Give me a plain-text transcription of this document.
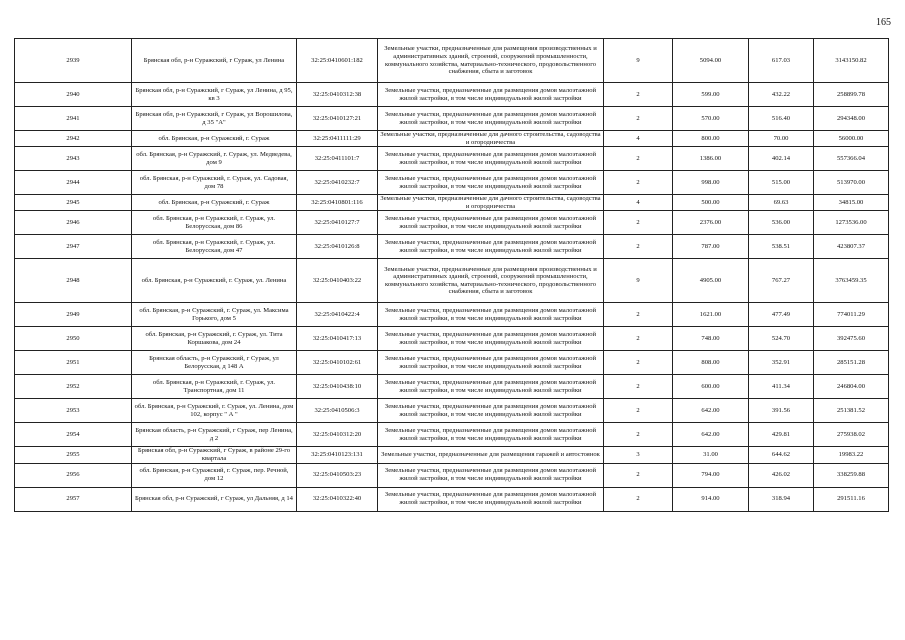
165
2939	Брянская обл, р-н Суражский, г Сураж, ул Ленина	32:25:0410601:182	Земельные участки, предназначенные для размещения производственных и административных зданий, строений, сооружений промышленности, коммунального хозяйства, материально-технического, продовольственного снабжения, сбыта и заготовок	9	5094.00	617.03	3143150.82
2940	Брянская обл, р-н Суражский, г Сураж, ул Ленина, д 95, кв 3	32:25:0410312:38	Земельные участки, предназначенные для размещения домов малоэтажной жилой застройки, в том числе индивидуальной жилой застройки	2	599.00	432.22	258899.78
2941	Брянская обл, р-н Суражский, г Сураж, ул Ворошилова, д 35 "А"	32:25:0410127:21	Земельные участки, предназначенные для размещения домов малоэтажной жилой застройки, в том числе индивидуальной жилой застройки	2	570.00	516.40	294348.00
2942	обл. Брянская, р-н Суражский, г. Сураж	32:25:0411111:29	Земельные участки, предназначенные для дачного строительства, садоводства и огородничества	4	800.00	70.00	56000.00
2943	обл. Брянская, р-н Суражский, г. Сураж, ул. Медведева, дом 9	32:25:0411101:7	Земельные участки, предназначенные для размещения домов малоэтажной жилой застройки, в том числе индивидуальной жилой застройки	2	1386.00	402.14	557366.04
2944	обл. Брянская, р-н Суражский, г. Сураж, ул. Садовая, дом 78	32:25:0410232:7	Земельные участки, предназначенные для размещения домов малоэтажной жилой застройки, в том числе индивидуальной жилой застройки	2	998.00	515.00	513970.00
2945	обл. Брянская, р-н Суражский, г. Сураж	32:25:0410801:116	Земельные участки, предназначенные для дачного строительства, садоводства и огородничества	4	500.00	69.63	34815.00
2946	обл. Брянская, р-н Суражский, г. Сураж, ул. Белорусская, дом 86	32:25:0410127:7	Земельные участки, предназначенные для размещения домов малоэтажной жилой застройки, в том числе индивидуальной жилой застройки	2	2376.00	536.00	1273536.00
2947	обл. Брянская, р-н Суражский, г. Сураж, ул. Белорусская, дом 47	32:25:0410126:8	Земельные участки, предназначенные для размещения домов малоэтажной жилой застройки, в том числе индивидуальной жилой застройки	2	787.00	538.51	423807.37
2948	обл. Брянская, р-н Суражский, г. Сураж, ул. Ленина	32:25:0410403:22	Земельные участки, предназначенные для размещения производственных и административных зданий, строений, сооружений промышленности, коммунального хозяйства, материально-технического, продовольственного снабжения, сбыта и заготовок	9	4905.00	767.27	3763459.35
2949	обл. Брянская, р-н Суражский, г. Сураж, ул. Максима Горького, дом 5	32:25:0410422:4	Земельные участки, предназначенные для размещения домов малоэтажной жилой застройки, в том числе индивидуальной жилой застройки	2	1621.00	477.49	774011.29
2950	обл. Брянская, р-н Суражский, г. Сураж, ул. Тита Коршакова, дом 24	32:25:0410417:13	Земельные участки, предназначенные для размещения домов малоэтажной жилой застройки, в том числе индивидуальной жилой застройки	2	748.00	524.70	392475.60
2951	Брянская область, р-н Суражский, г Сураж, ул Белорусская, д 148 А	32:25:0410102:61	Земельные участки, предназначенные для размещения домов малоэтажной жилой застройки, в том числе индивидуальной жилой застройки	2	808.00	352.91	285151.28
2952	обл. Брянская, р-н Суражский, г. Сураж, ул. Транспортная, дом 11	32:25:0410438:10	Земельные участки, предназначенные для размещения домов малоэтажной жилой застройки, в том числе индивидуальной жилой застройки	2	600.00	411.34	246804.00
2953	обл. Брянская, р-н Суражский, г. Сураж, ул. Ленина, дом 102, корпус " А "	32:25:0410506:3	Земельные участки, предназначенные для размещения домов малоэтажной жилой застройки, в том числе индивидуальной жилой застройки	2	642.00	391.56	251381.52
2954	Брянская область, р-н Суражский, г Сураж, пер Ленина, д 2	32:25:0410312:20	Земельные участки, предназначенные для размещения домов малоэтажной жилой застройки, в том числе индивидуальной жилой застройки	2	642.00	429.81	275938.02
2955	Брянская обл, р-н Суражский, г Сураж, в районе 29-го квартала	32:25:0410123:131	Земельные участки, предназначенные для размещения гаражей и автостоянок	3	31.00	644.62	19983.22
2956	обл. Брянская, р-н Суражский, г. Сураж, пер. Речной, дом 12	32:25:0410503:23	Земельные участки, предназначенные для размещения домов малоэтажной жилой застройки, в том числе индивидуальной жилой застройки	2	794.00	426.02	338259.88
2957	Брянская обл, р-н Суражский, г Сураж, ул Дальняя, д 14	32:25:0410322:40	Земельные участки, предназначенные для размещения домов малоэтажной жилой застройки, в том числе индивидуальной жилой застройки	2	914.00	318.94	291511.16
